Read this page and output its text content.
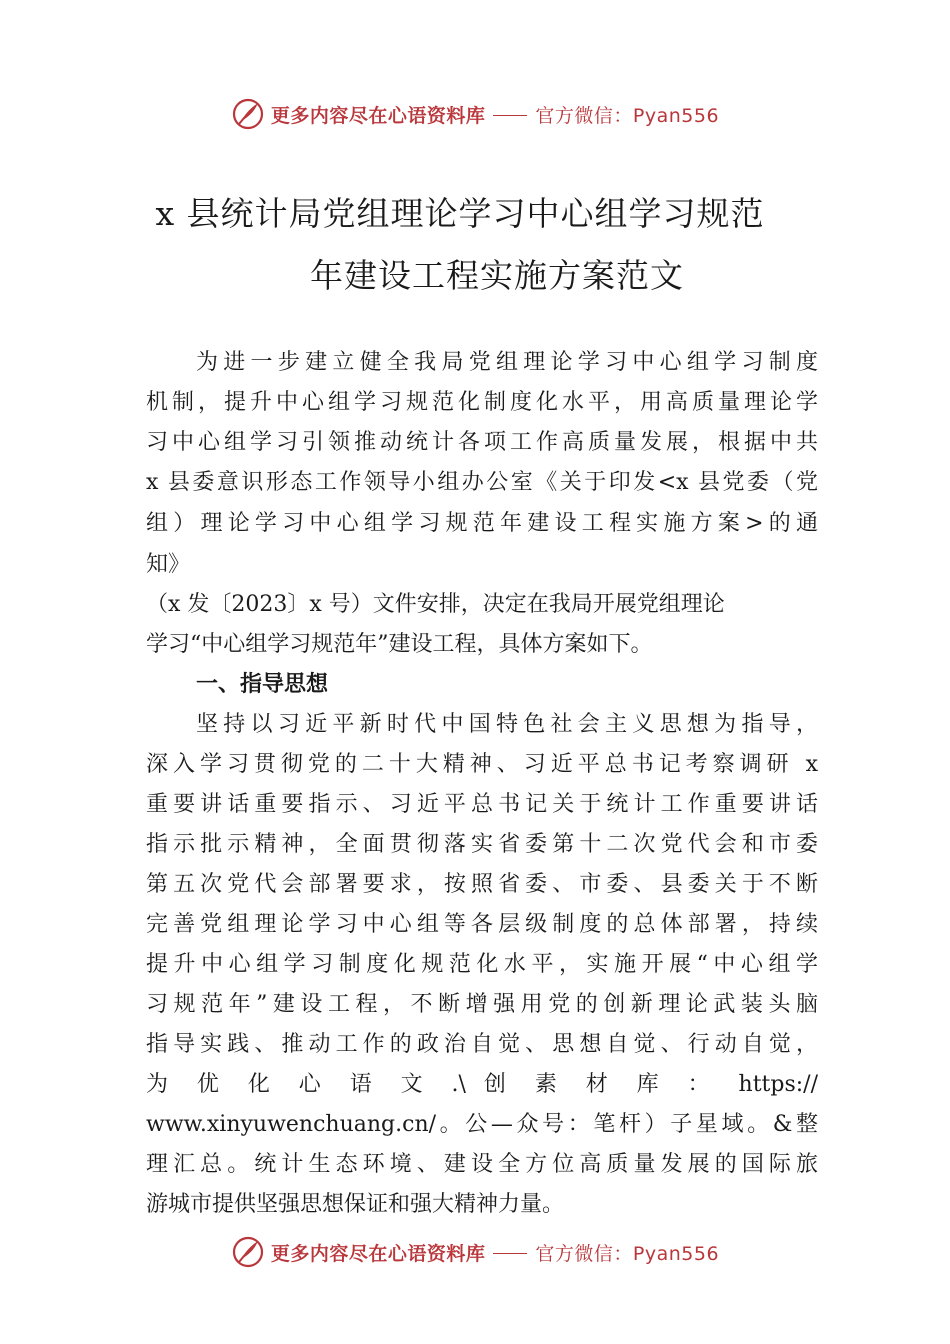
更多内容尽在心语资料库	官方微信：Pyan556
x 县统计局党组理论学习中心组学习规范
年建设工程实施方案范文
为进一步建立健全我局党组理论学习中心组学习制度
机制，提升中心组学习规范化制度化水平，用高质量理论学
习中心组学习引领推动统计各项工作高质量发展，根据中共
x 县委意识形态工作领导小组办公室《关于印发<x 县党委（党
组）理论学习中心组学习规范年建设工程实施方案>的通
知》
（x 发〔2023〕x 号）文件安排，决定在我局开展党组理论
学习“中心组学习规范年”建设工程，具体方案如下。
一、指导思想
坚持以习近平新时代中国特色社会主义思想为指导，
深入学习贯彻党的二十大精神、习近平总书记考察调研 x
重要讲话重要指示、习近平总书记关于统计工作重要讲话
指示批示精神，全面贯彻落实省委第十二次党代会和市委
第五次党代会部署要求，按照省委、市委、县委关于不断
完善党组理论学习中心组等各层级制度的总体部署，持续
提升中心组学习制度化规范化水平，实施开展“中心组学
习规范年”建设工程，不断增强用党的创新理论武装头脑
指导实践、推动工作的政治自觉、思想自觉、行动自觉，
为 优 化 心 语 文 .\ 创 素 材 库 ： https://
www.xinyuwenchuang.cn/。公—众号：笔杆）子星域。&整
理汇总。统计生态环境、建设全方位高质量发展的国际旅
游城市提供坚强思想保证和强大精神力量。
更多内容尽在心语资料库	官方微信：Pyan556
